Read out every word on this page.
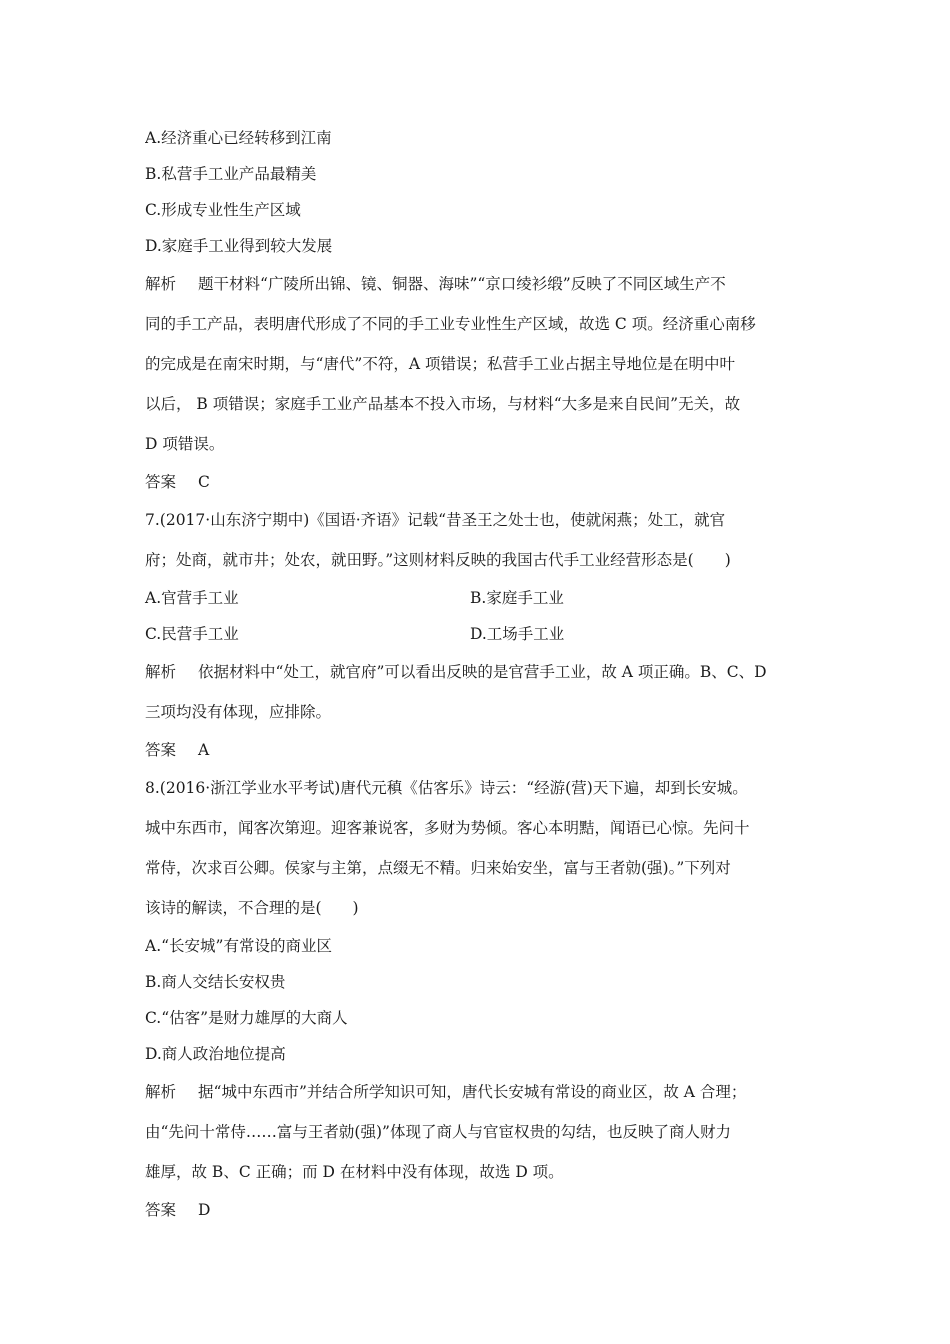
A.经济重心已经转移到江南
B.私营手工业产品最精美
C.形成专业性生产区域
D.家庭手工业得到较大发展
解析 题干材料“广陵所出锦、镜、铜器、海味”“京口绫衫缎”反映了不同区域生产不
同的手工产品，表明唐代形成了不同的手工业专业性生产区域，故选 C 项。经济重心南移
的完成是在南宋时期，与“唐代”不符，A 项错误；私营手工业占据主导地位是在明中叶
以后， B 项错误；家庭手工业产品基本不投入市场，与材料“大多是来自民间”无关，故
D 项错误。
答案 C
7.(2017·山东济宁期中)《国语·齐语》记载“昔圣王之处士也，使就闲燕；处工，就官
府；处商，就市井；处农，就田野。”这则材料反映的我国古代手工业经营形态是(　　)
A.官营手工业	B.家庭手工业
C.民营手工业	D.工场手工业
解析 依据材料中“处工，就官府”可以看出反映的是官营手工业，故 A 项正确。B、C、D
三项均没有体现，应排除。
答案 A
8.(2016·浙江学业水平考试)唐代元稹《估客乐》诗云：“经游(营)天下遍，却到长安城。
城中东西市，闻客次第迎。迎客兼说客，多财为势倾。客心本明黠，闻语已心惊。先问十
常侍，次求百公卿。侯家与主第，点缀无不精。归来始安坐，富与王者勍(强)。”下列对
该诗的解读，不合理的是(　　)
A.“长安城”有常设的商业区
B.商人交结长安权贵
C.“估客”是财力雄厚的大商人
D.商人政治地位提高
解析 据“城中东西市”并结合所学知识可知，唐代长安城有常设的商业区，故 A 合理；
由“先问十常侍……富与王者勍(强)”体现了商人与官宦权贵的勾结，也反映了商人财力
雄厚，故 B、C 正确；而 D 在材料中没有体现，故选 D 项。
答案 D
